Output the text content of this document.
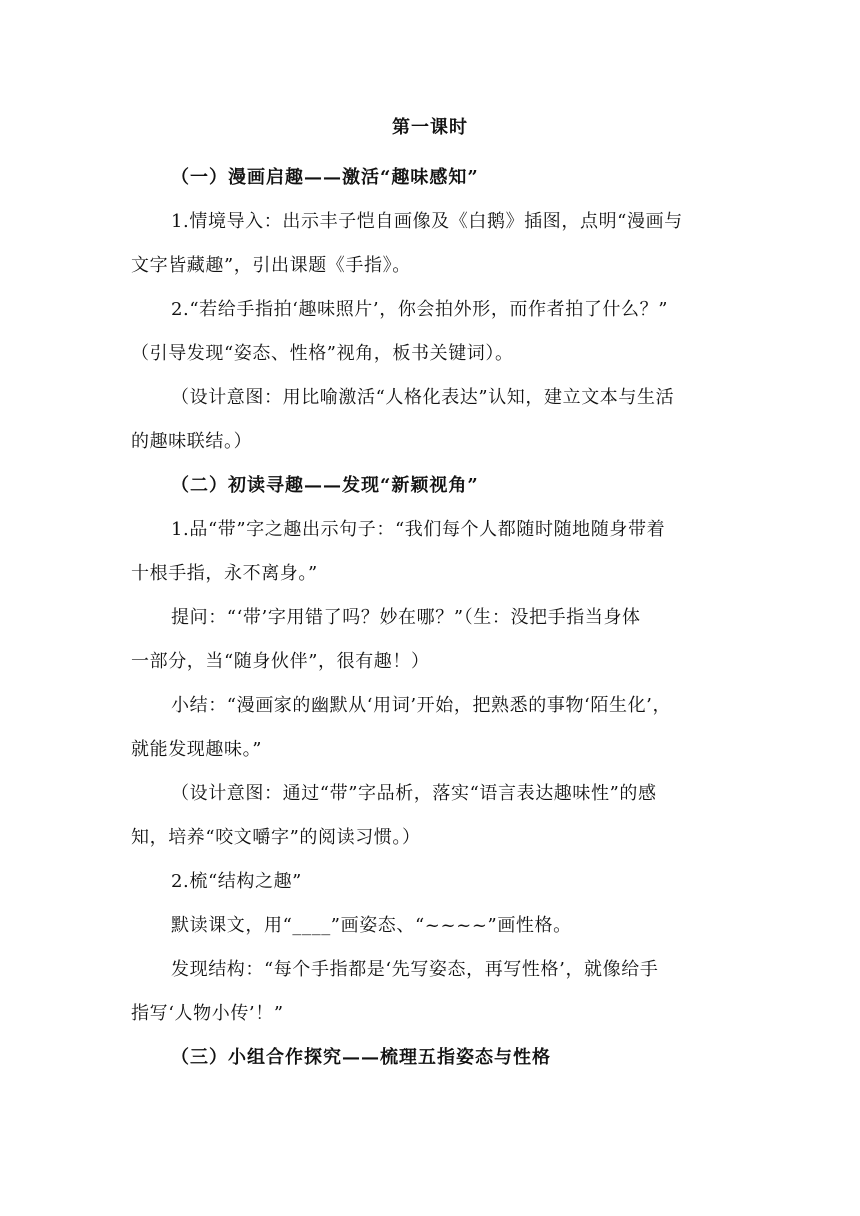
第一课时
（一）漫画启趣——激活“趣味感知”
1.情境导入：出示丰子恺自画像及《白鹅》插图，点明“漫画与
文字皆藏趣”，引出课题《手指》。
2.“若给手指拍‘趣味照片’，你会拍外形，而作者拍了什么？”
（引导发现“姿态、性格”视角，板书关键词）。
（设计意图：用比喻激活“人格化表达”认知，建立文本与生活
的趣味联结。）
（二）初读寻趣——发现“新颖视角”
1.品“带”字之趣出示句子：“我们每个人都随时随地随身带着
十根手指，永不离身。”
提问：“‘带’字用错了吗？妙在哪？”（生：没把手指当身体
一部分，当“随身伙伴”，很有趣！）
小结：“漫画家的幽默从‘用词’开始，把熟悉的事物‘陌生化’，
就能发现趣味。”
（设计意图：通过“带”字品析，落实“语言表达趣味性”的感
知，培养“咬文嚼字”的阅读习惯。）
2.梳“结构之趣”
默读课文，用“____”画姿态、“~~~~”画性格。
发现结构：“每个手指都是‘先写姿态，再写性格’，就像给手
指写‘人物小传’！”
（三）小组合作探究——梳理五指姿态与性格
